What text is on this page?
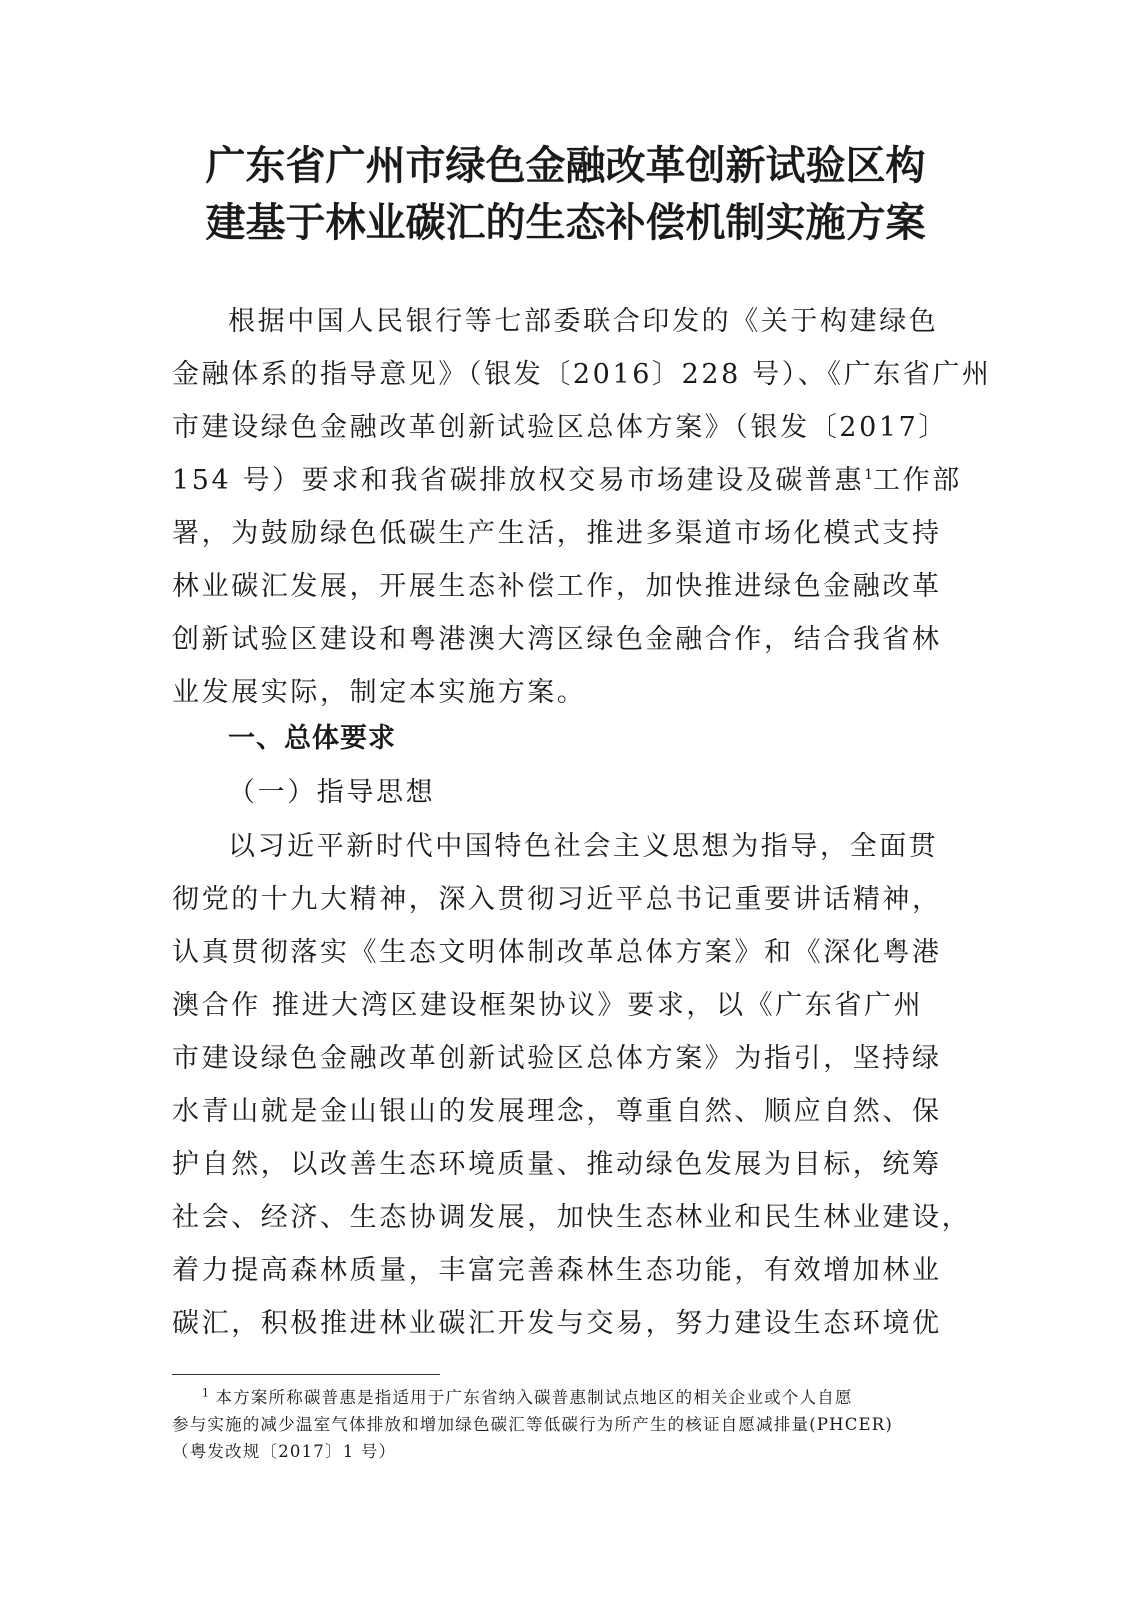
广东省广州市绿色金融改革创新试验区构
建基于林业碳汇的生态补偿机制实施方案
根据中国人民银行等七部委联合印发的《关于构建绿色
金融体系的指导意见》（银发〔2016〕228 号）、《广东省广州
市建设绿色金融改革创新试验区总体方案》（银发〔2017〕
154 号）要求和我省碳排放权交易市场建设及碳普惠$^1$工作部
署，为鼓励绿色低碳生产生活，推进多渠道市场化模式支持
林业碳汇发展，开展生态补偿工作，加快推进绿色金融改革
创新试验区建设和粤港澳大湾区绿色金融合作，结合我省林
业发展实际，制定本实施方案。
一、总体要求
（一）指导思想
以习近平新时代中国特色社会主义思想为指导，全面贯
彻党的十九大精神，深入贯彻习近平总书记重要讲话精神，
认真贯彻落实《生态文明体制改革总体方案》和《深化粤港
澳合作 推进大湾区建设框架协议》要求，以《广东省广州
市建设绿色金融改革创新试验区总体方案》为指引，坚持绿
水青山就是金山银山的发展理念，尊重自然、顺应自然、保
护自然，以改善生态环境质量、推动绿色发展为目标，统筹
社会、经济、生态协调发展，加快生态林业和民生林业建设，
着力提高森林质量，丰富完善森林生态功能，有效增加林业
碳汇，积极推进林业碳汇开发与交易，努力建设生态环境优
$^1$ 本方案所称碳普惠是指适用于广东省纳入碳普惠制试点地区的相关企业或个人自愿
参与实施的减少温室气体排放和增加绿色碳汇等低碳行为所产生的核证自愿减排量(PHCER)
（粤发改规〔2017〕1 号）
